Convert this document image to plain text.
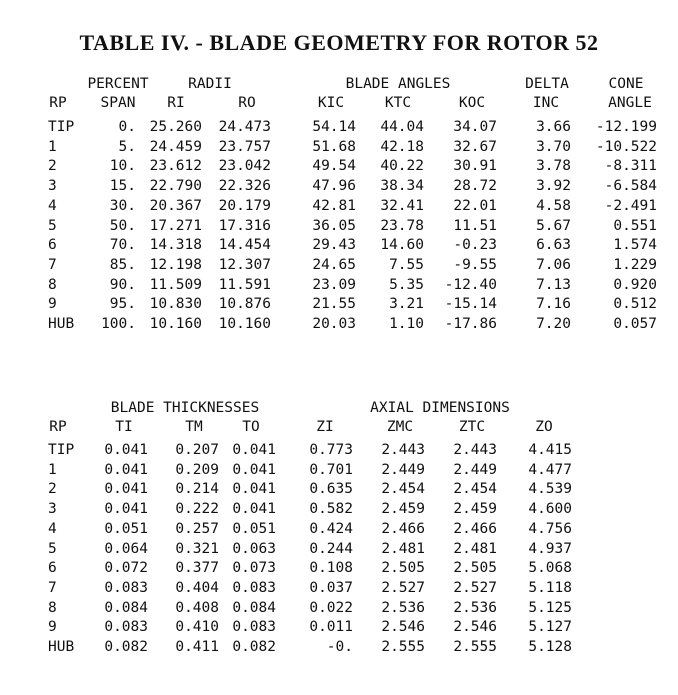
TABLE IV. - BLADE GEOMETRY FOR ROTOR 52
PERCENT	RADII	BLADE ANGLES	DELTA	CONE
RP	SPAN	RI	RO	KIC	KTC	KOC	INC	ANGLE
TIP	0. 25.260	24.473	54.14	44.04	34.07	3.66	-12.199
1	5. 24.459	23.757	51.68	42.18	32.67	3.70	-10.522
2	10. 23.612	23.042	49.54	40.22	30.91	3.78	-8.311
3	15. 22.790	22.326	47.96	38.34	28.72	3.92	-6.584
4	30. 20.367	20.179	42.81	32.41	22.01	4.58	-2.491
5	50. 17.271	17.316	36.05	23.78	11.51	5.67	0.551
6	70. 14.318	14.454	29.43	14.60	-0.23	6.63	1.574
7	85. 12.198	12.307	24.65	7.55	-9.55	7.06	1.229
8	90. 11.509	11.591	23.09	5.35	-12.40	7.13	0.920
9	95. 10.830	10.876	21.55	3.21	-15.14	7.16	0.512
HUB	100. 10.160	10.160	20.03	1.10	-17.86	7.20	0.057
BLADE THICKNESSES	AXIAL DIMENSIONS
RP	TI	TM	TO	ZI	ZMC	ZTC	ZO
TIP	0.041	0.207 0.041	0.773	2.443	2.443	4.415
1	0.041	0.209 0.041	0.701	2.449	2.449	4.477
2	0.041	0.214 0.041	0.635	2.454	2.454	4.539
3	0.041	0.222 0.041	0.582	2.459	2.459	4.600
4	0.051	0.257 0.051	0.424	2.466	2.466	4.756
5	0.064	0.321 0.063	0.244	2.481	2.481	4.937
6	0.072	0.377 0.073	0.108	2.505	2.505	5.068
7	0.083	0.404 0.083	0.037	2.527	2.527	5.118
8	0.084	0.408 0.084	0.022	2.536	2.536	5.125
9	0.083	0.410 0.083	0.011	2.546	2.546	5.127
HUB	0.082	0.411 0.082	-0.	2.555	2.555	5.128
